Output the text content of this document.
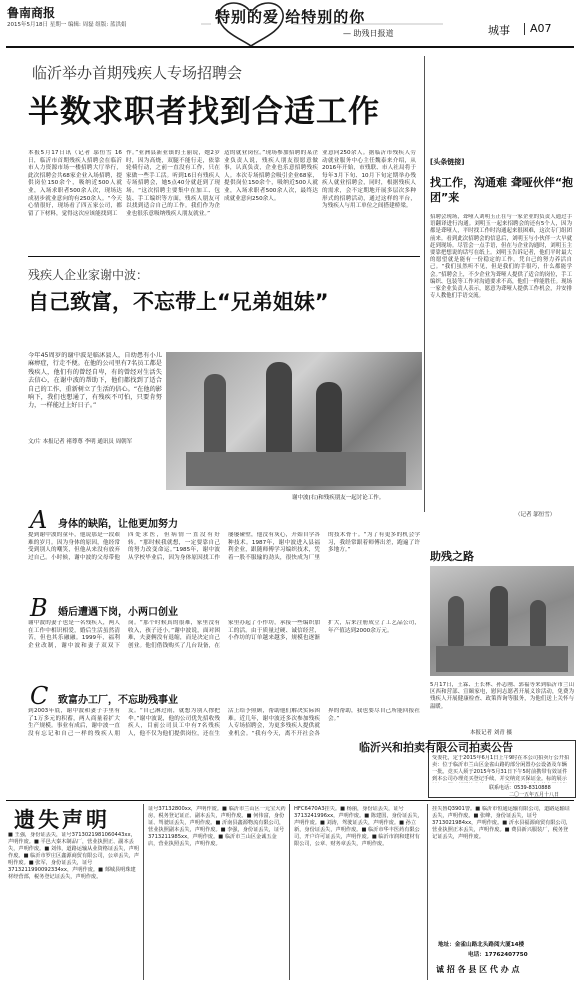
鲁南商报
2015年5月18日 星期一 编辑: 周磊 组版: 蓝洪娟	特别的爱 给特别的你
— 助残日报道	城事 A07
临沂举办首期残疾人专场招聘会
半数求职者找到合适工作
本报5月17日讯（记者 邬恒雪 16日，临沂市首期残疾人招聘会在临沂市人力资源市场一楼招聘大厅举行，此次招聘会共68家企业入场招聘，提供岗位150余个，吸纳近500人就业，入场求职者500余人次，现场达成初步就业意向的有250余人。“今天心情很好，现场看了四五家公司，都留了下材料，觉得这次应该能找到工
作。”亚洲县新亚镇的王丽说，她2岁时，因为高烧，双腿不能行走，依靠轮椅行动，之前一直没有工作，只在家做一些手工活。听到16日有残疾人专场招聘会，她5点40分就赶到了现场。“这次招聘主要集中在加工、包装、手工编织等方面，残疾人朋友可以找到适合自己的工作。我们作为企业也很乐意吸纳残疾人朋友就业。”
适的就业岗位。”现场参加招聘的某企业负责人说，残疾人朋友很愿意做事，认真负责，企业也乐意招聘残疾人。本次专场招聘会吸引企业68家，提供岗位150余个，吸纳近500人就业，入场求职者500余人次，最终达成就业意向250余人。
业意向250余人。据临沂市残疾人劳动就业服务中心主任魏泰来介绍，从2016年开始，市残联、市人社局将于每年3月下旬、10月下旬定期举办残疾人就业招聘会，同时，根据残疾人的需求，会不定期地开展多层次多种形式的招聘活动，通过这样的平台，为残疾人与用工单位之间搭建桥梁。
[头条链接]
找工作，沟通难 聋哑伙伴“抱团”来
招聘会现场，聋哑人刘明玉正在与一家企业的负责人通过手语翻译进行沟通。刘明玉一起来招聘会的还有5个人，因为都是聋哑人，平时找工作时沟通起来很困难，这次专门组团前来。看到此次招聘会的信息后，刘明玉与小伙伴一大早就赶到现场。尽管会一点手语，但在与企业沟通时，刘明玉主要靠把想说的话写在纸上。刘明玉告诉记者，他们平时最大的愿望就是能有一份稳定的工作，凭自己的努力养活自己。“我们虽然听不见，但是我们的手很巧，什么都能学会。”招聘会上，不少企业为聋哑人提供了适合的岗位，手工编织、包装等工作对沟通要求不高，他们一样能胜任。现场一家企业负责人表示，愿意为聋哑人提供工作机会，并安排专人教他们手语交流。
（记者 邬恒雪）
残疾人企业家谢中波：
自己致富，不忘带上“兄弟姐妹”
今年45周岁的谢中波是临沭县人，自幼患有小儿麻痹症，行走不便。在他的公司里有7名员工都是残疾人，他们有的曾经自卑，有的曾经对生活失去信心，在谢中波的帮助下，他们都找到了适合自己的工作，重新树立了生活的信心。“在他的影响下，我们也想通了，有残疾不可怕，只要肯努力，一样能过上好日子。”
文/片 本报记者 褚尊尊 李明 通讯员 周朝军
谢中波(右)和残疾朋友一起讨论工作。
A 身体的缺陷，让他更加努力
提到谢中波的童年，他说那是一段艰难的岁月。因为身体的原因，他经常受到别人的嘲笑，但他从来没有放弃过自己。小时候，谢中波的父母带他四处求医，但病情一直没有好转。“那时候我就想，一定要靠自己的努力改变命运。”1985年，谢中波从学校毕业后，因为身体原因找工作屡屡碰壁，他没有灰心，开始自学各种技术。1987年，谢中波进入县福利企业，跟随师傅学习编织技术，凭着一股不服输的劲头，很快成为厂里的技术骨干。“为了有更多的机会学习，我经常跟着师傅出差，跑遍了许多地方。”
B 婚后遭遇下岗，小两口创业
谢中波的妻子也是一名残疾人，两人在工作中相识相爱，婚后生活虽然清苦，但也其乐融融。1999年，福利企业改制，谢中波和妻子双双下岗。“那个时候真的很难，家里没有收入，孩子还小。”谢中波说，面对困难，夫妻俩没有退缩，而是决定自己创业。他们借钱购买了几台设备，在家里办起了小作坊，承接一些编织加工的活。由于质量过硬、诚信经营，小作坊的订单越来越多，规模也逐渐扩大，后来注册成立了工艺品公司，年产值达到2000余万元。
C 致富办工厂，不忘助残事业
到2003年底，谢中波和妻子手里有了1万多元的积蓄，两人商量着扩大生产规模。事业有成后，谢中波一直没有忘记和自己一样的残疾人朋友。“自己淋过雨，就想为别人撑把伞。”谢中波说，他的公司优先招收残疾人，目前公司员工中有7名残疾人，他不仅为他们提供岗位，还在生活上给予照顾，帮助他们解决实际困难。近几年，谢中波还多次参加残疾人专场招聘会，为更多残疾人提供就业机会。“我有今天，离不开社会各界的帮助，我也要尽自己所能回报社会。”
助残之路
5月17日，王霖、王长林、孙志刚、郭福等来到临沂市兰山区西和营部、宣颐家电，慰问志愿者开展义诊活动，免费为残疾人开展健康检查、政策咨询等服务，为他们送上关怀与温暖。
本报记者 刘青 摄
临沂兴和拍卖有限公司拍卖公告
受委托，定于2015年6月1日上午9时在本公司拍卖厅公开拍卖：位于临沂市兰山区金雀山路的部分闲置办公设备及车辆一批。竞买人须于2015年5月31日下午5时前携带有效证件到本公司办理竞买登记手续，并交纳竞买保证金。标的展示
联系电话：0539-8310888
二〇一五年五月十八日
遗失声明
■ 王强，身份证丢失，证号3713021981060443xx，声明作废。■ 平邑大秦木制品厂，营业执照正、副本丢失，声明作废。■ 刘伟，道路运输从业资格证丢失，声明作废。■ 临沂市罗庄区鑫源商贸有限公司，公章丢失，声明作废。■ 张军，身份证丢失，证号3713211990092334xx，声明作废。■ 郯城县明珠建材经营部，税务登记证丢失，声明作废。
证号37132800xx，声明作废。■ 临沂市兰山区一元宝大药房，税务登记证正、副本丢失，声明作废。■ 何伟富，身份证、驾驶证丢失，声明作废。■ 沂南县鑫源物流有限公司，营业执照副本丢失，声明作废。■ 李强，身份证丢失，证号3713211985xx，声明作废。■ 临沂市兰山区金诚五金店，营业执照丢失，声明作废。
HFC6470A3挂失。■ 杨丽，身份证丢失，证号3713241996xx，声明作废。■ 陈建国，身份证丢失，声明作废。■ 刘涛，驾驶证丢失，声明作废。■ 孙立新，身份证丢失，声明作废。■ 临沂市华丰医药有限公司，开户许可证丢失，声明作废。■ 临沂市润和建材有限公司，公章、财务章丢失，声明作废。
挂失鲁Q3901警。■ 临沂市恒通运输有限公司，道路运输证丢失，声明作废。■ 张峰，身份证丢失，证号3713021984xx，声明作废。■ 沂水县福源商贸有限公司，营业执照正本丢失，声明作废。■ 费县新兴服装厂，税务登记证丢失，声明作废。
地址：金雀山路北头路阅大厦14楼
电话：17762407750
诚 招 各 县 区 代 办 点
